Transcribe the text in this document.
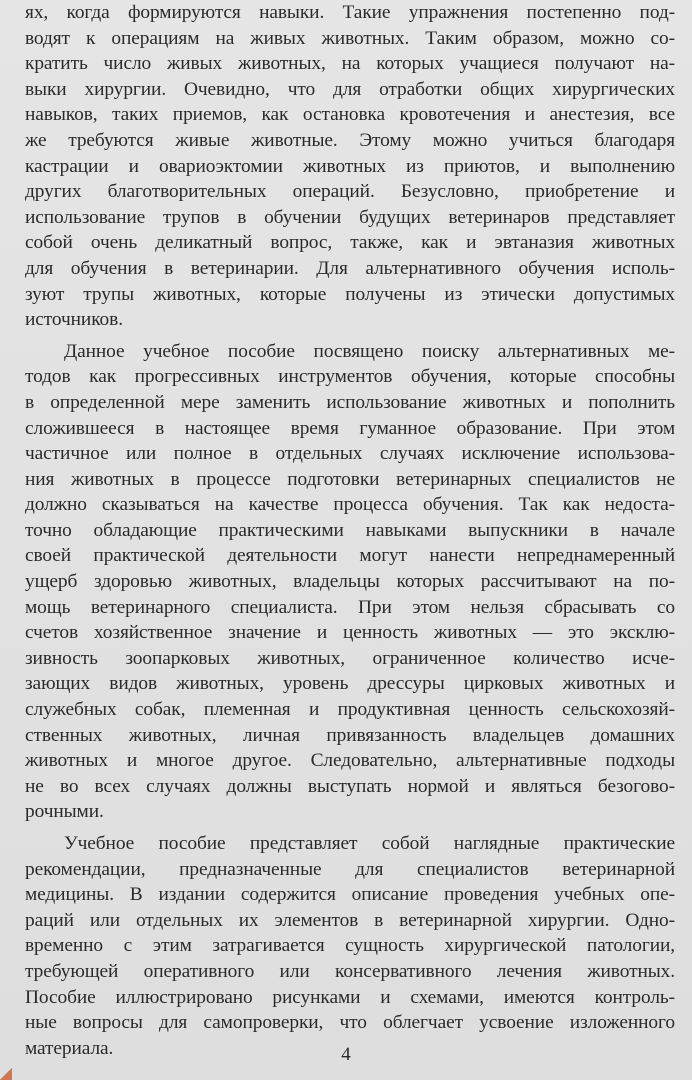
ях, когда формируются навыки. Такие упражнения постепенно под-
водят к операциям на живых животных. Таким образом, можно со-
кратить число живых животных, на которых учащиеся получают на-
выки хирургии. Очевидно, что для отработки общих хирургических
навыков, таких приемов, как остановка кровотечения и анестезия, все
же требуются живые животные. Этому можно учиться благодаря
кастрации и овариоэктомии животных из приютов, и выполнению
других благотворительных операций. Безусловно, приобретение и
использование трупов в обучении будущих ветеринаров представляет
собой очень деликатный вопрос, также, как и эвтаназия животных
для обучения в ветеринарии. Для альтернативного обучения исполь-
зуют трупы животных, которые получены из этически допустимых
источников.
Данное учебное пособие посвящено поиску альтернативных ме-
тодов как прогрессивных инструментов обучения, которые способны
в определенной мере заменить использование животных и пополнить
сложившееся в настоящее время гуманное образование. При этом
частичное или полное в отдельных случаях исключение использова-
ния животных в процессе подготовки ветеринарных специалистов не
должно сказываться на качестве процесса обучения. Так как недоста-
точно обладающие практическими навыками выпускники в начале
своей практической деятельности могут нанести непреднамеренный
ущерб здоровью животных, владельцы которых рассчитывают на по-
мощь ветеринарного специалиста. При этом нельзя сбрасывать со
счетов хозяйственное значение и ценность животных — это эксклю-
зивность зоопарковых животных, ограниченное количество исче-
зающих видов животных, уровень дрессуры цирковых животных и
служебных собак, племенная и продуктивная ценность сельскохозяй-
ственных животных, личная привязанность владельцев домашних
животных и многое другое. Следовательно, альтернативные подходы
не во всех случаях должны выступать нормой и являться безогово-
рочными.
Учебное пособие представляет собой наглядные практические
рекомендации, предназначенные для специалистов ветеринарной
медицины. В издании содержится описание проведения учебных опе-
раций или отдельных их элементов в ветеринарной хирургии. Одно-
временно с этим затрагивается сущность хирургической патологии,
требующей оперативного или консервативного лечения животных.
Пособие иллюстрировано рисунками и схемами, имеются контроль-
ные вопросы для самопроверки, что облегчает усвоение изложенного
материала.	4
